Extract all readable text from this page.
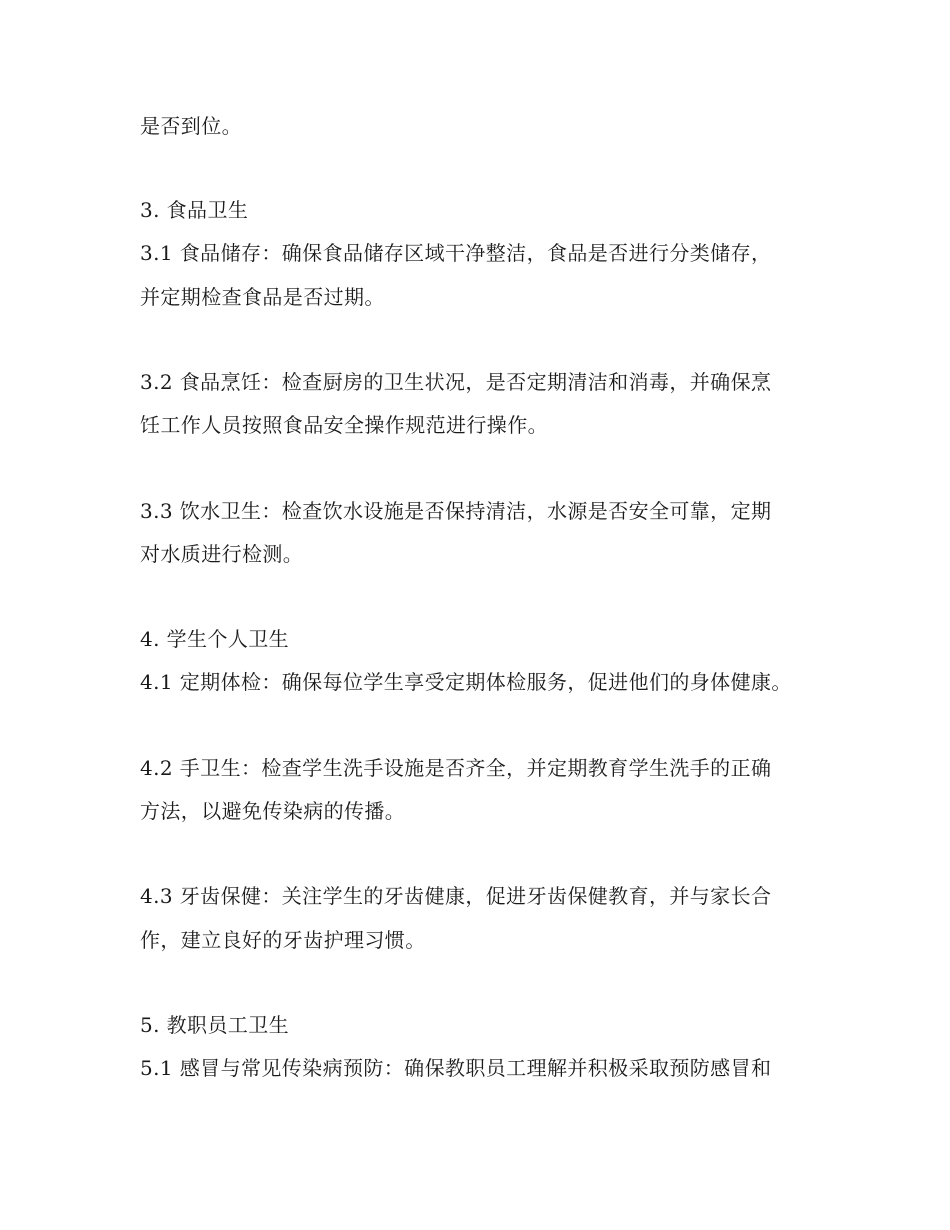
是否到位。
3. 食品卫生
3.1 食品储存：确保食品储存区域干净整洁，食品是否进行分类储存，
并定期检查食品是否过期。
3.2 食品烹饪：检查厨房的卫生状况，是否定期清洁和消毒，并确保烹
饪工作人员按照食品安全操作规范进行操作。
3.3 饮水卫生：检查饮水设施是否保持清洁，水源是否安全可靠，定期
对水质进行检测。
4. 学生个人卫生
4.1 定期体检：确保每位学生享受定期体检服务，促进他们的身体健康。
4.2 手卫生：检查学生洗手设施是否齐全，并定期教育学生洗手的正确
方法，以避免传染病的传播。
4.3 牙齿保健：关注学生的牙齿健康，促进牙齿保健教育，并与家长合
作，建立良好的牙齿护理习惯。
5. 教职员工卫生
5.1 感冒与常见传染病预防：确保教职员工理解并积极采取预防感冒和
